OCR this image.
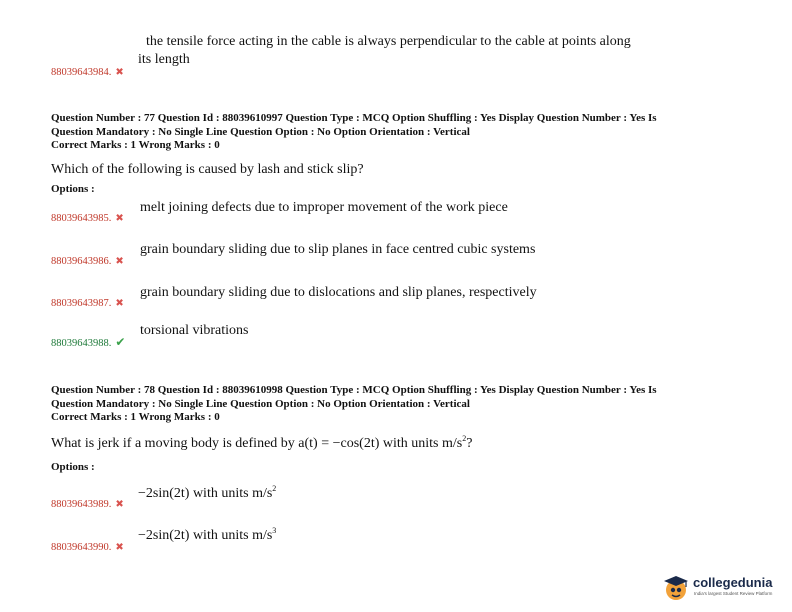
the tensile force acting in the cable is always perpendicular to the cable at points along
its length
88039643984. ✖
Question Number : 77 Question Id : 88039610997 Question Type : MCQ Option Shuffling : Yes Display Question Number : Yes Is
Question Mandatory : No Single Line Question Option : No Option Orientation : Vertical
Correct Marks : 1 Wrong Marks : 0
Which of the following is caused by lash and stick slip?
Options :
88039643985. ✖
melt joining defects due to improper movement of the work piece
88039643986. ✖
grain boundary sliding due to slip planes in face centred cubic systems
88039643987. ✖
grain boundary sliding due to dislocations and slip planes, respectively
88039643988. ✔
torsional vibrations
Question Number : 78 Question Id : 88039610998 Question Type : MCQ Option Shuffling : Yes Display Question Number : Yes Is
Question Mandatory : No Single Line Question Option : No Option Orientation : Vertical
Correct Marks : 1 Wrong Marks : 0
What is jerk if a moving body is defined by a(t) = −cos(2t) with units $m/s^2$?
Options :
88039643989. ✖
−2sin(2t) with units $m/s^2$
88039643990. ✖
−2sin(2t) with units $m/s^3$
collegedunia
India's largest Student Review Platform
